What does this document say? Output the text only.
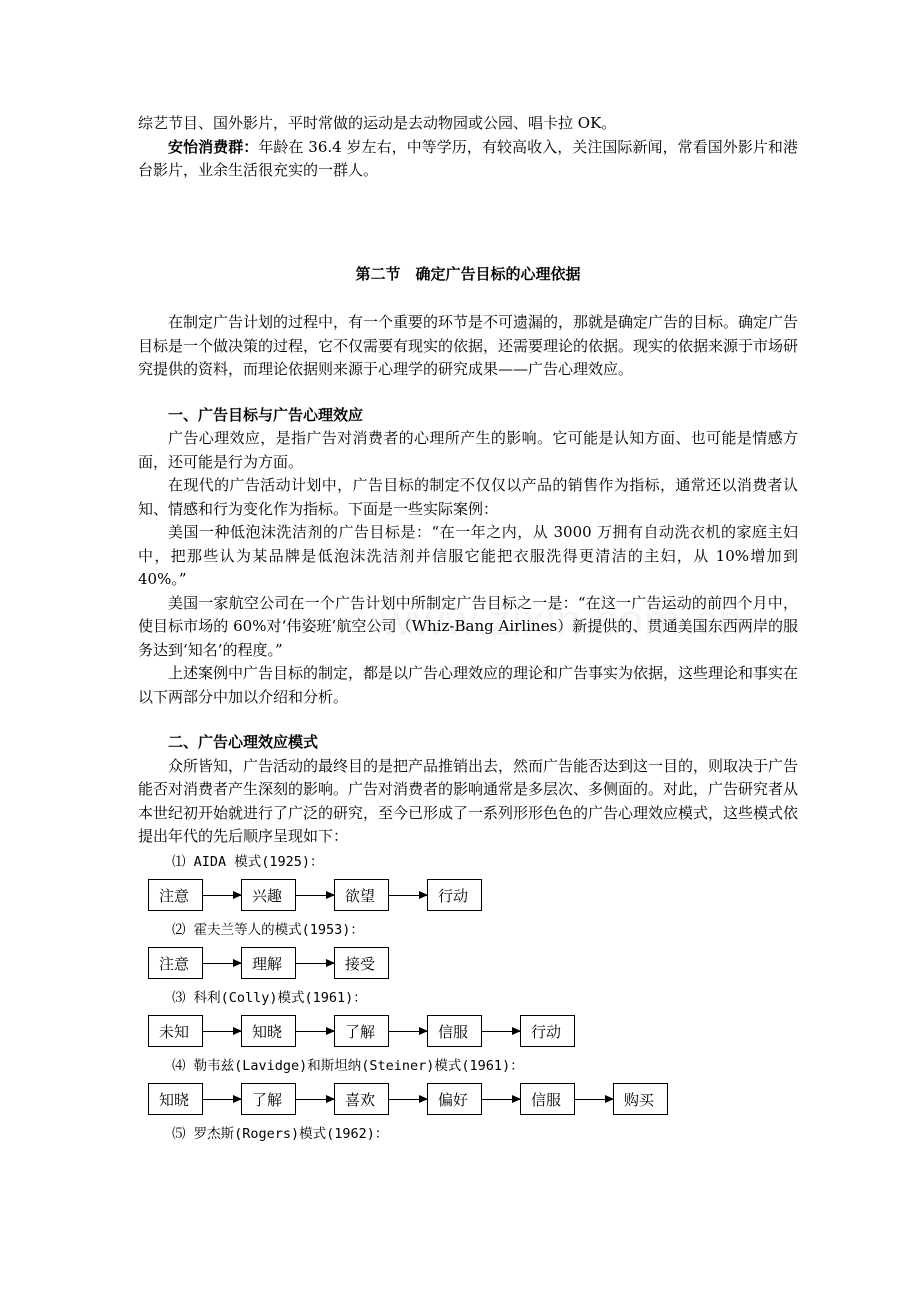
综艺节目、国外影片，平时常做的运动是去动物园或公园、唱卡拉 OK。

安怡消费群：年龄在 36.4 岁左右，中等学历，有较高收入，关注国际新闻，常看国外影片和港台影片，业余生活很充实的一群人。

第二节　确定广告目标的心理依据

在制定广告计划的过程中，有一个重要的环节是不可遗漏的，那就是确定广告的目标。确定广告目标是一个做决策的过程，它不仅需要有现实的依据，还需要理论的依据。现实的依据来源于市场研究提供的资料，而理论依据则来源于心理学的研究成果——广告心理效应。

一、广告目标与广告心理效应

广告心理效应，是指广告对消费者的心理所产生的影响。它可能是认知方面、也可能是情感方面，还可能是行为方面。

在现代的广告活动计划中，广告目标的制定不仅仅以产品的销售作为指标，通常还以消费者认知、情感和行为变化作为指标。下面是一些实际案例：

美国一种低泡沫洗洁剂的广告目标是：“在一年之内，从 3000 万拥有自动洗衣机的家庭主妇中，把那些认为某品牌是低泡沫洗洁剂并信服它能把衣服洗得更清洁的主妇，从 10%增加到 40%。”

美国一家航空公司在一个广告计划中所制定广告目标之一是：“在这一广告运动的前四个月中，使目标市场的 60%对‘伟姿班’航空公司（Whiz-Bang Airlines）新提供的、贯通美国东西两岸的服务达到‘知名’的程度。”

上述案例中广告目标的制定，都是以广告心理效应的理论和广告事实为依据，这些理论和事实在以下两部分中加以介绍和分析。

二、广告心理效应模式

众所皆知，广告活动的最终目的是把产品推销出去，然而广告能否达到这一目的，则取决于广告能否对消费者产生深刻的影响。广告对消费者的影响通常是多层次、多侧面的。对此，广告研究者从本世纪初开始就进行了广泛的研究，至今已形成了一系列形形色色的广告心理效应模式，这些模式依提出年代的先后顺序呈现如下：

⑴ AIDA 模式(1925)：

注意	兴趣	欲望	行动

⑵ 霍夫兰等人的模式(1953)：

注意	理解	接受

⑶ 科利(Colly)模式(1961)：

未知	知晓	了解	信服	行动

⑷ 勒韦兹(Lavidge)和斯坦纳(Steiner)模式(1961)：

知晓	了解	喜欢	偏好	信服	购买

⑸ 罗杰斯(Rogers)模式(1962)：
